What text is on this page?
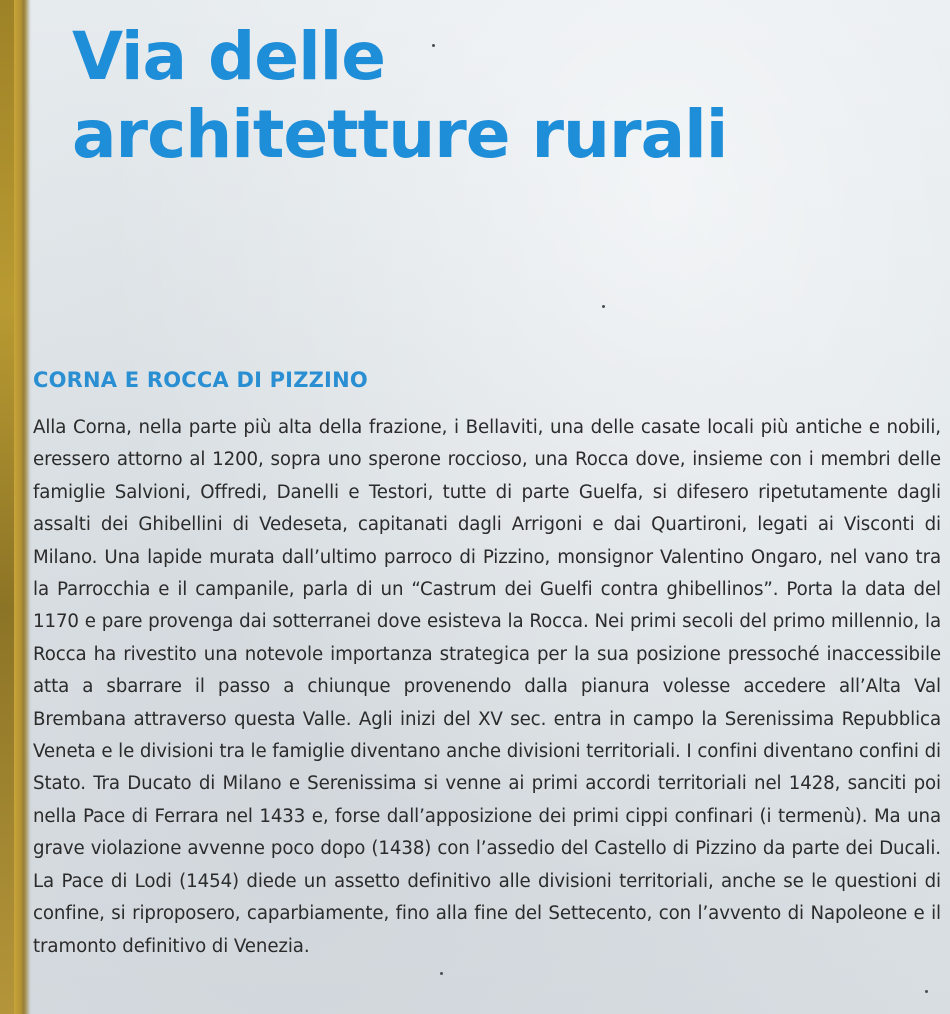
Via delle
architetture rurali
CORNA E ROCCA DI PIZZINO

Alla Corna, nella parte più alta della frazione, i Bellaviti, una delle casate locali più antiche e nobili, eressero attorno al 1200, sopra uno sperone roccioso, una Rocca dove, insieme con i membri delle famiglie Salvioni, Offredi, Danelli e Testori, tutte di parte Guelfa, si difesero ripetutamente dagli assalti dei Ghibellini di Vedeseta, capitanati dagli Arrigoni e dai Quartironi, legati ai Visconti di Milano. Una lapide murata dall’ultimo parroco di Pizzino, monsignor Valentino Ongaro, nel vano tra la Parrocchia e il campanile, parla di un “Castrum dei Guelfi contra ghibellinos”. Porta la data del 1170 e pare provenga dai sotterranei dove esisteva la Rocca. Nei primi secoli del primo millennio, la Rocca ha rivestito una notevole importanza strategica per la sua posizione pressoché inaccessibile atta a sbarrare il passo a chiunque provenendo dalla pianura volesse accedere all’Alta Val Brembana attraverso questa Valle. Agli inizi del XV sec. entra in campo la Serenissima Repubblica Veneta e le divisioni tra le famiglie diventano anche divisioni territoriali. I confini diventano confini di Stato. Tra Ducato di Milano e Serenissima si venne ai primi accordi territoriali nel 1428, sanciti poi nella Pace di Ferrara nel 1433 e, forse dall’apposizione dei primi cippi confinari (i termenù). Ma una grave violazione avvenne poco dopo (1438) con l’assedio del Castello di Pizzino da parte dei Ducali. La Pace di Lodi (1454) diede un assetto definitivo alle divisioni territoriali, anche se le questioni di confine, si riproposero, caparbiamente, fino alla fine del Settecento, con l’avvento di Napoleone e il tramonto definitivo di Venezia.
